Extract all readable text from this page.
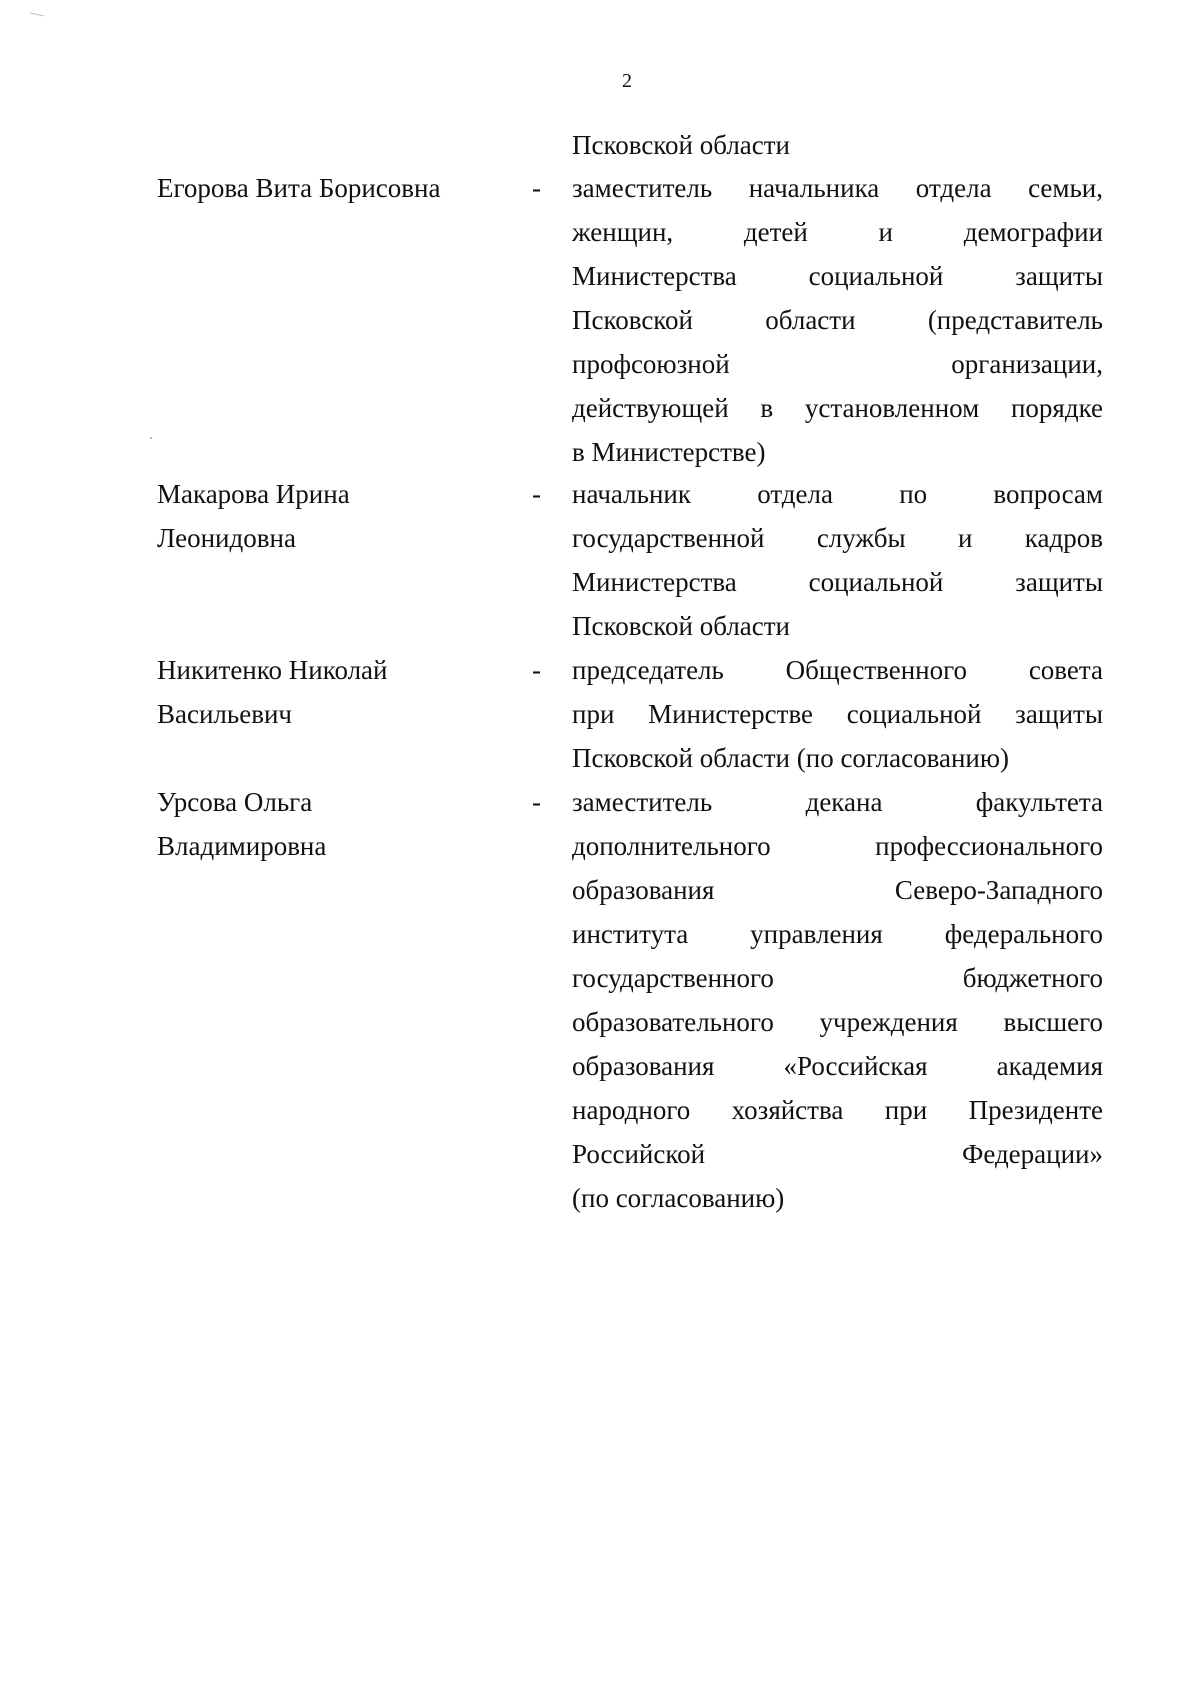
2
Псковской области
Егорова Вита Борисовна	- заместитель начальника отдела семьи,
женщин, детей и демографии
Министерства социальной защиты
Псковской области (представитель
профсоюзной организации,
действующей в установленном порядке
в Министерстве)
Макарова Ирина
Леонидовна
- начальник отдела по вопросам
государственной службы и кадров
Министерства социальной защиты
Псковской области
Никитенко Николай
Васильевич
- председатель Общественного совета
при Министерстве социальной защиты
Псковской области (по согласованию)
Урсова Ольга
Владимировна
- заместитель декана факультета
дополнительного профессионального
образования Северо-Западного
института управления федерального
государственного бюджетного
образовательного учреждения высшего
образования «Российская академия
народного хозяйства при Президенте
Российской Федерации»
(по согласованию)
